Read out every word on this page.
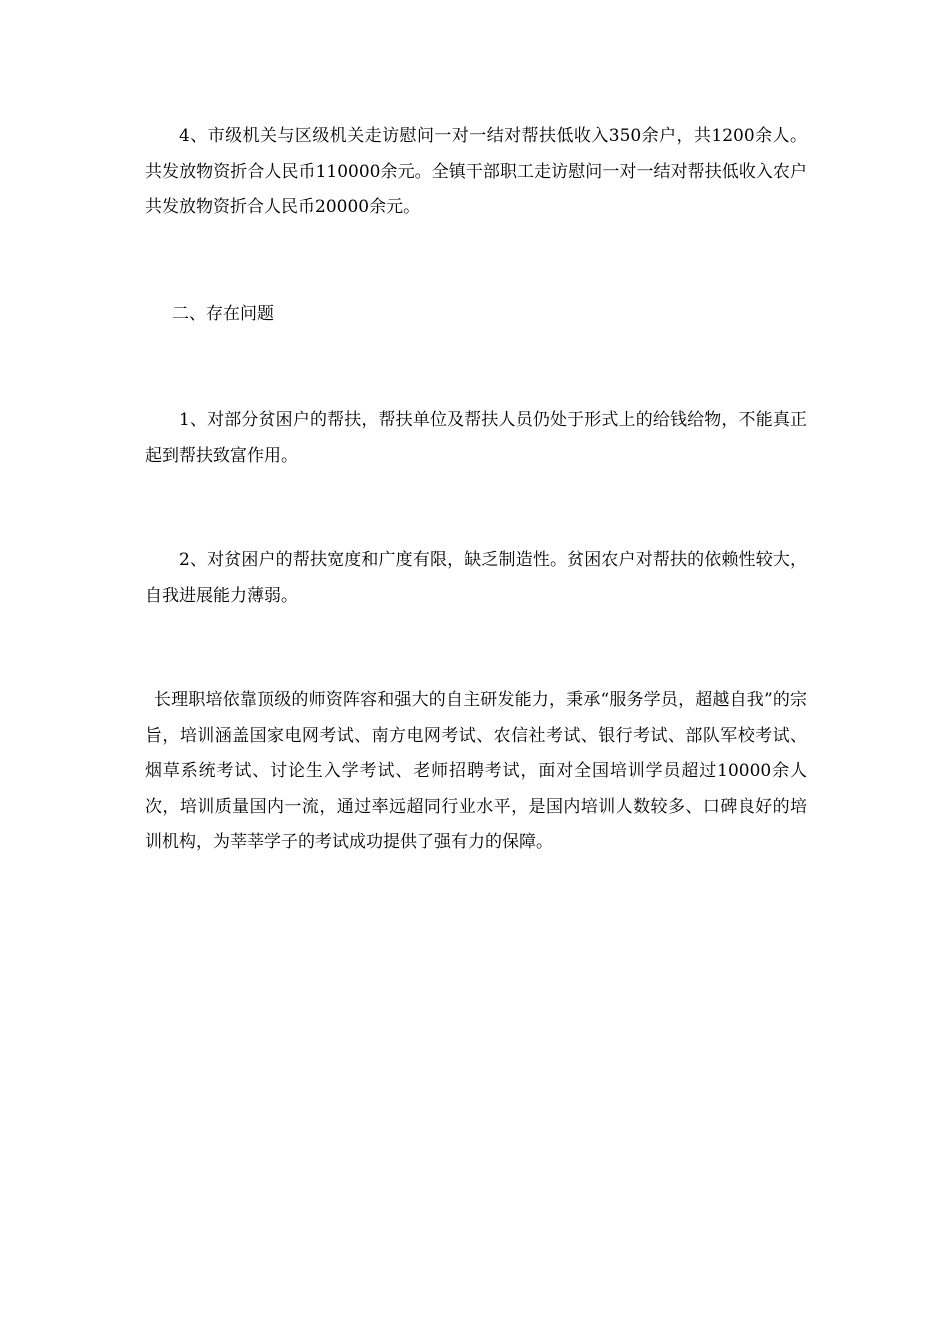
4、市级机关与区级机关走访慰问一对一结对帮扶低收入350余户，共1200余人。共发放物资折合人民币110000余元。全镇干部职工走访慰问一对一结对帮扶低收入农户共发放物资折合人民币20000余元。

二、存在问题

1、对部分贫困户的帮扶，帮扶单位及帮扶人员仍处于形式上的给钱给物，不能真正起到帮扶致富作用。

2、对贫困户的帮扶宽度和广度有限，缺乏制造性。贫困农户对帮扶的依赖性较大，自我进展能力薄弱。

长理职培依靠顶级的师资阵容和强大的自主研发能力，秉承“服务学员，超越自我”的宗旨，培训涵盖国家电网考试、南方电网考试、农信社考试、银行考试、部队军校考试、烟草系统考试、讨论生入学考试、老师招聘考试，面对全国培训学员超过10000余人次，培训质量国内一流，通过率远超同行业水平，是国内培训人数较多、口碑良好的培训机构，为莘莘学子的考试成功提供了强有力的保障。
